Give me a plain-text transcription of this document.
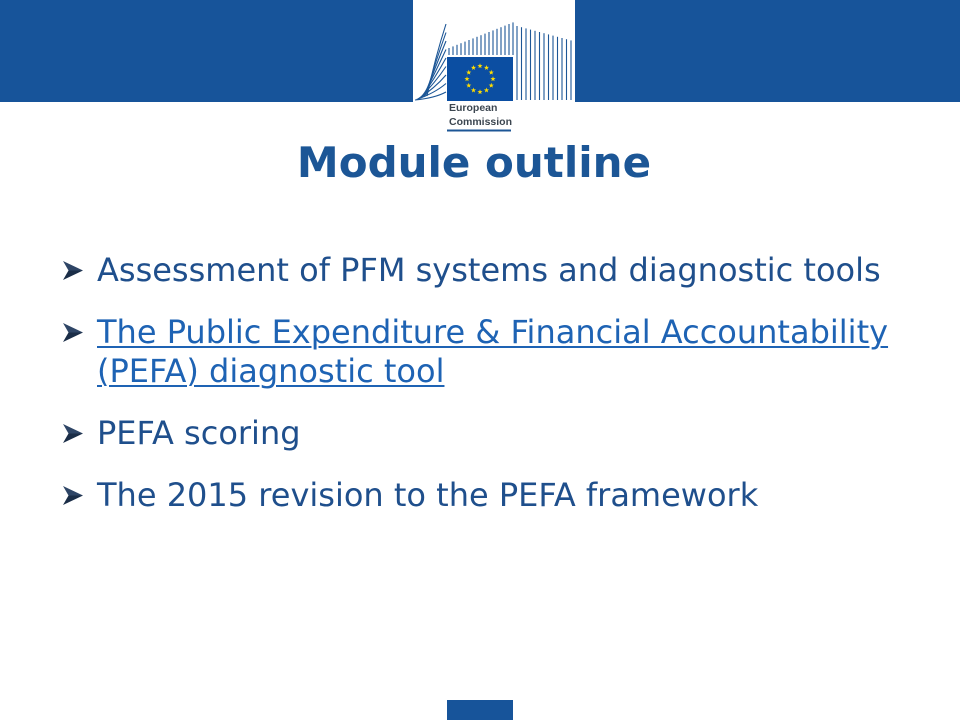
European
Commission
Module outline
Assessment of PFM systems and diagnostic tools
The Public Expenditure & Financial Accountability (PEFA) diagnostic tool
PEFA scoring
The 2015 revision to the PEFA framework
